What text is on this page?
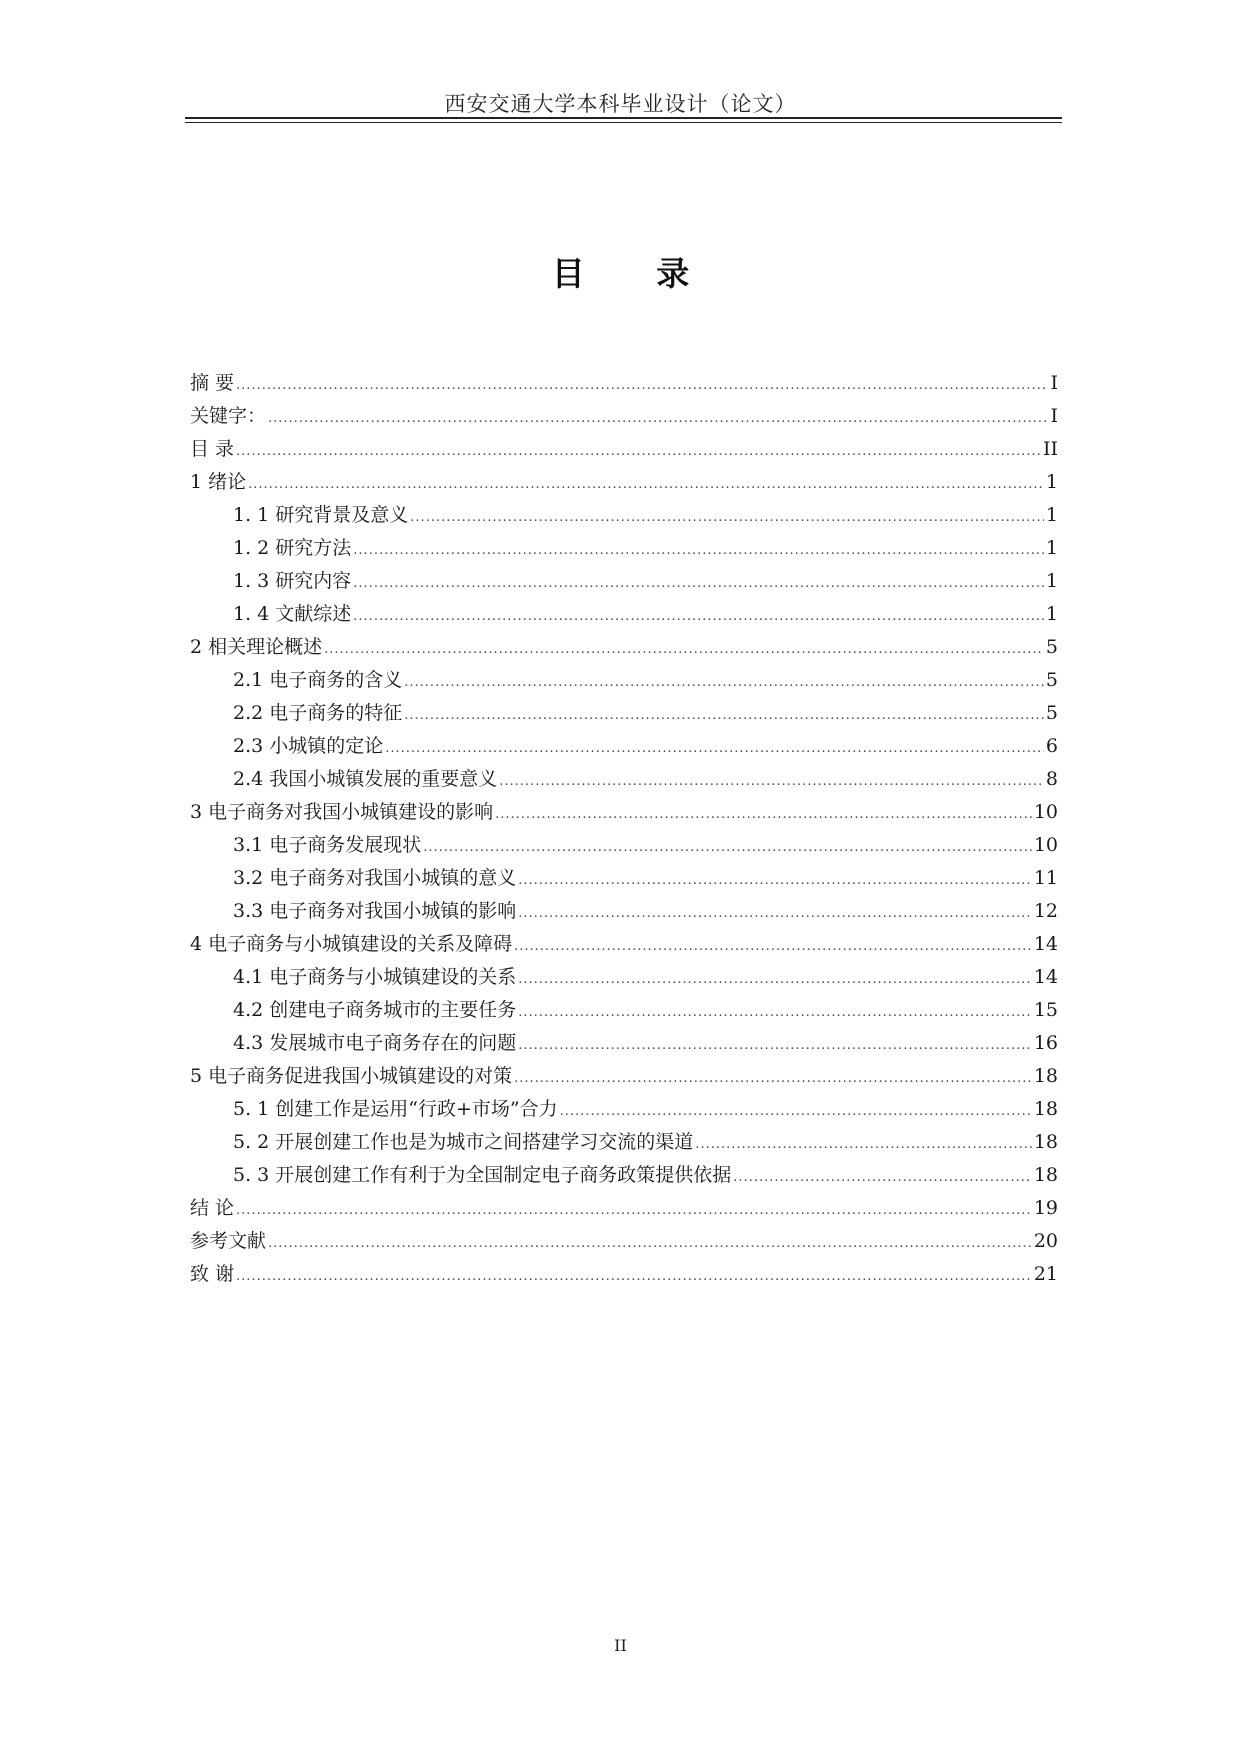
西安交通大学本科毕业设计（论文）
目 录
摘 要 .....	I
关键字： .....	I
目 录 .....	II
1 绪论 .....	1
1. 1 研究背景及意义 .....	1
1. 2 研究方法 .....	1
1. 3 研究内容 .....	1
1. 4 文献综述 .....	1
2 相关理论概述 .....	5
2.1 电子商务的含义 .....	5
2.2 电子商务的特征 .....	5
2.3 小城镇的定论 .....	6
2.4 我国小城镇发展的重要意义 .....	8
3 电子商务对我国小城镇建设的影响 .....	10
3.1 电子商务发展现状 .....	10
3.2 电子商务对我国小城镇的意义 .....	11
3.3 电子商务对我国小城镇的影响 .....	12
4 电子商务与小城镇建设的关系及障碍 .....	14
4.1 电子商务与小城镇建设的关系 .....	14
4.2 创建电子商务城市的主要任务 .....	15
4.3 发展城市电子商务存在的问题 .....	16
5 电子商务促进我国小城镇建设的对策 .....	18
5. 1 创建工作是运用“行政+市场”合力 .....	18
5. 2 开展创建工作也是为城市之间搭建学习交流的渠道 .....	18
5. 3 开展创建工作有利于为全国制定电子商务政策提供依据 .....	18
结 论 .....	19
参考文献 .....	20
致 谢 .....	21
II
